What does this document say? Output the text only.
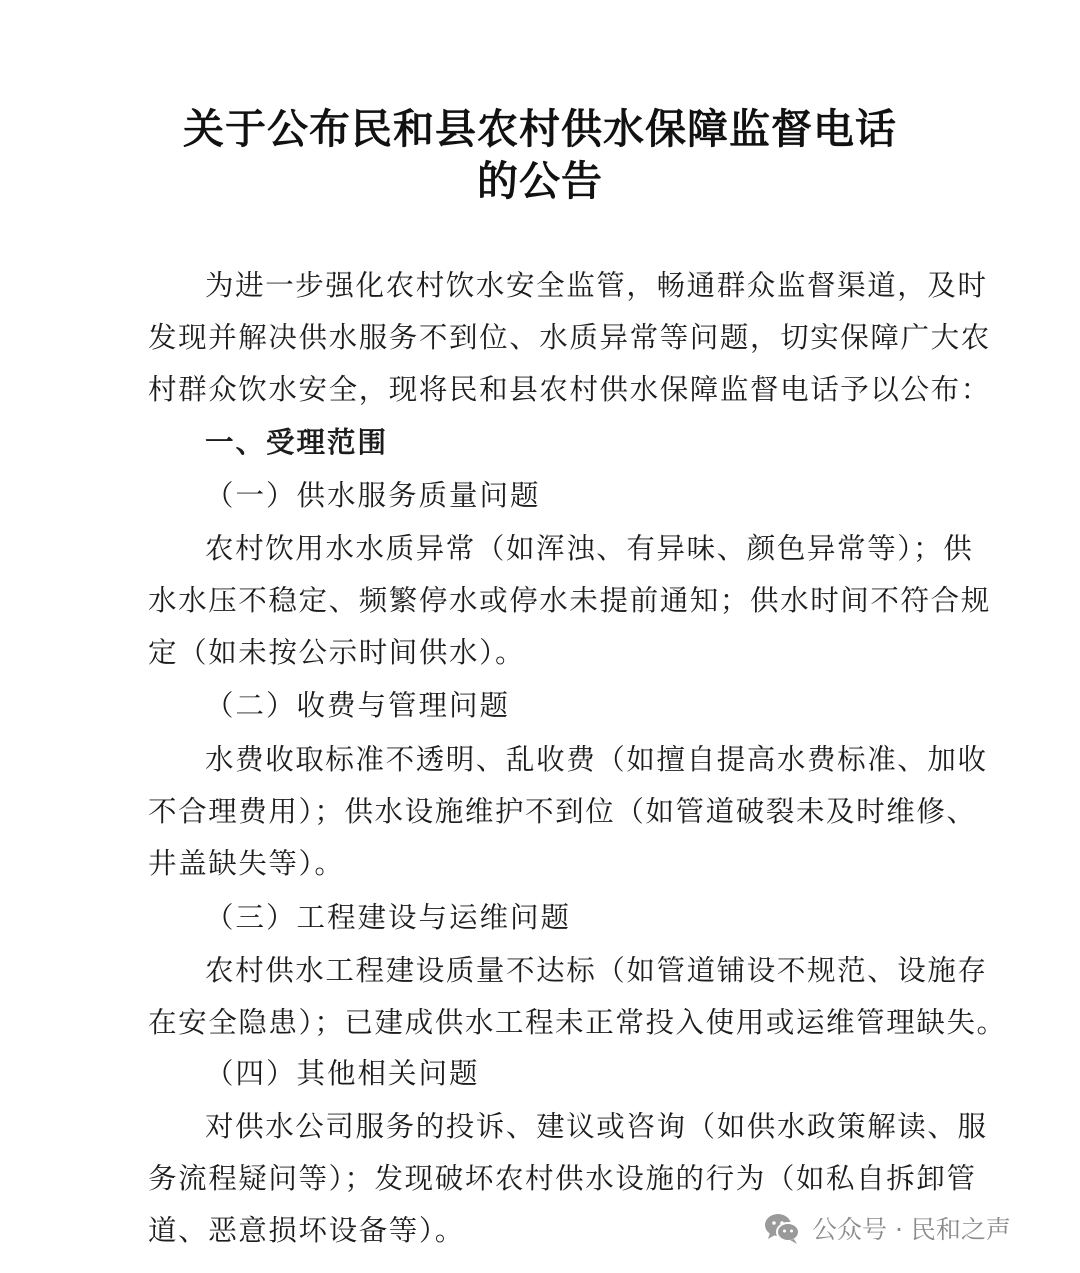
关于公布民和县农村供水保障监督电话
的公告
为进一步强化农村饮水安全监管，畅通群众监督渠道，及时
发现并解决供水服务不到位、水质异常等问题，切实保障广大农
村群众饮水安全，现将民和县农村供水保障监督电话予以公布：
一、受理范围
（一）供水服务质量问题
农村饮用水水质异常（如浑浊、有异味、颜色异常等）；供
水水压不稳定、频繁停水或停水未提前通知；供水时间不符合规
定（如未按公示时间供水）。
（二）收费与管理问题
水费收取标准不透明、乱收费（如擅自提高水费标准、加收
不合理费用）；供水设施维护不到位（如管道破裂未及时维修、
井盖缺失等）。
（三）工程建设与运维问题
农村供水工程建设质量不达标（如管道铺设不规范、设施存
在安全隐患）；已建成供水工程未正常投入使用或运维管理缺失。
（四）其他相关问题
对供水公司服务的投诉、建议或咨询（如供水政策解读、服
务流程疑问等）；发现破坏农村供水设施的行为（如私自拆卸管
道、恶意损坏设备等）。	公众号 · 民和之声
